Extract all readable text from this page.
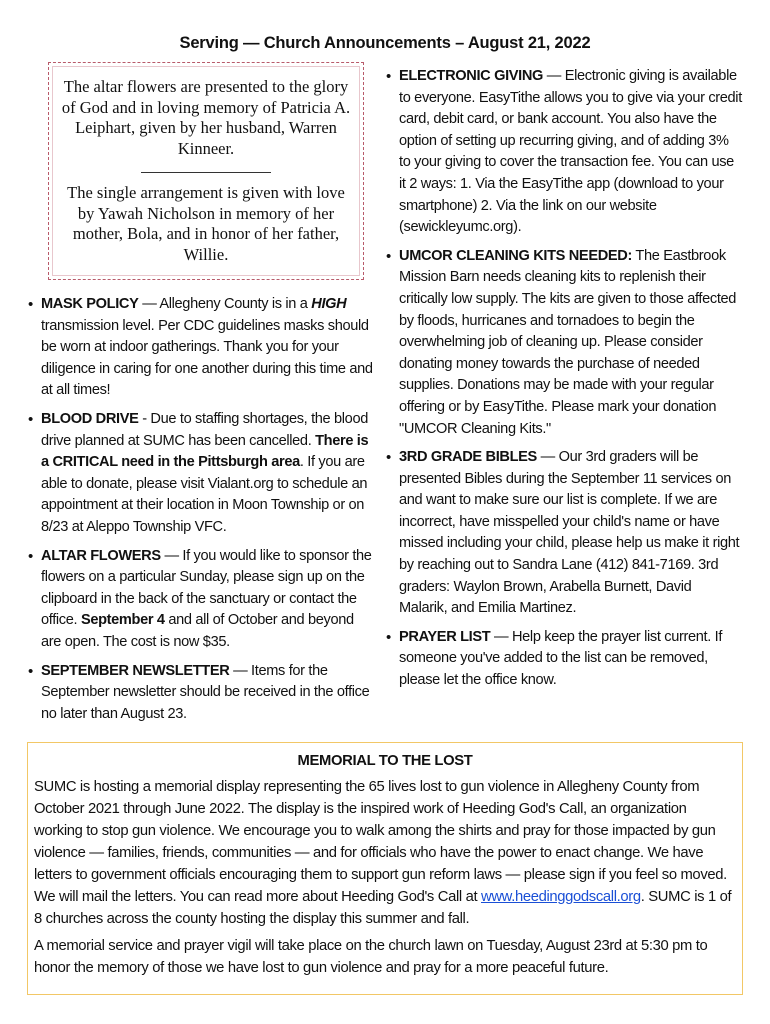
Serving — Church Announcements – August 21, 2022
The altar flowers are presented to the glory of God and in loving memory of Patricia A. Leiphart, given by her husband, Warren Kinneer.
The single arrangement is given with love by Yawah Nicholson in memory of her mother, Bola, and in honor of her father, Willie.
• MASK POLICY — Allegheny County is in a HIGH transmission level. Per CDC guidelines masks should be worn at indoor gatherings. Thank you for your diligence in caring for one another during this time and at all times!
• BLOOD DRIVE - Due to staffing shortages, the blood drive planned at SUMC has been cancelled. There is a CRITICAL need in the Pittsburgh area. If you are able to donate, please visit Vialant.org to schedule an appointment at their location in Moon Township or on 8/23 at Aleppo Township VFC.
• ALTAR FLOWERS — If you would like to sponsor the flowers on a particular Sunday, please sign up on the clipboard in the back of the sanctuary or contact the office. September 4 and all of October and beyond are open. The cost is now $35.
• SEPTEMBER NEWSLETTER — Items for the September newsletter should be received in the office no later than August 23.
• ELECTRONIC GIVING — Electronic giving is available to everyone. EasyTithe allows you to give via your credit card, debit card, or bank account. You also have the option of setting up recurring giving, and of adding 3% to your giving to cover the transaction fee. You can use it 2 ways: 1. Via the EasyTithe app (download to your smartphone) 2. Via the link on our website (sewickleyumc.org).
• UMCOR CLEANING KITS NEEDED: The Eastbrook Mission Barn needs cleaning kits to replenish their critically low supply. The kits are given to those affected by floods, hurricanes and tornadoes to begin the overwhelming job of cleaning up. Please consider donating money towards the purchase of needed supplies. Donations may be made with your regular offering or by EasyTithe. Please mark your donation "UMCOR Cleaning Kits."
• 3RD GRADE BIBLES — Our 3rd graders will be presented Bibles during the September 11 services on and want to make sure our list is complete. If we are incorrect, have misspelled your child's name or have missed including your child, please help us make it right by reaching out to Sandra Lane (412) 841-7169. 3rd graders: Waylon Brown, Arabella Burnett, David Malarik, and Emilia Martinez.
• PRAYER LIST — Help keep the prayer list current. If someone you've added to the list can be removed, please let the office know.
MEMORIAL TO THE LOST

SUMC is hosting a memorial display representing the 65 lives lost to gun violence in Allegheny County from October 2021 through June 2022. The display is the inspired work of Heeding God's Call, an organization working to stop gun violence. We encourage you to walk among the shirts and pray for those impacted by gun violence — families, friends, communities — and for officials who have the power to enact change. We have letters to government officials encouraging them to support gun reform laws — please sign if you feel so moved. We will mail the letters. You can read more about Heeding God's Call at www.heedinggodscall.org. SUMC is 1 of 8 churches across the county hosting the display this summer and fall.

A memorial service and prayer vigil will take place on the church lawn on Tuesday, August 23rd at 5:30 pm to honor the memory of those we have lost to gun violence and pray for a more peaceful future.
